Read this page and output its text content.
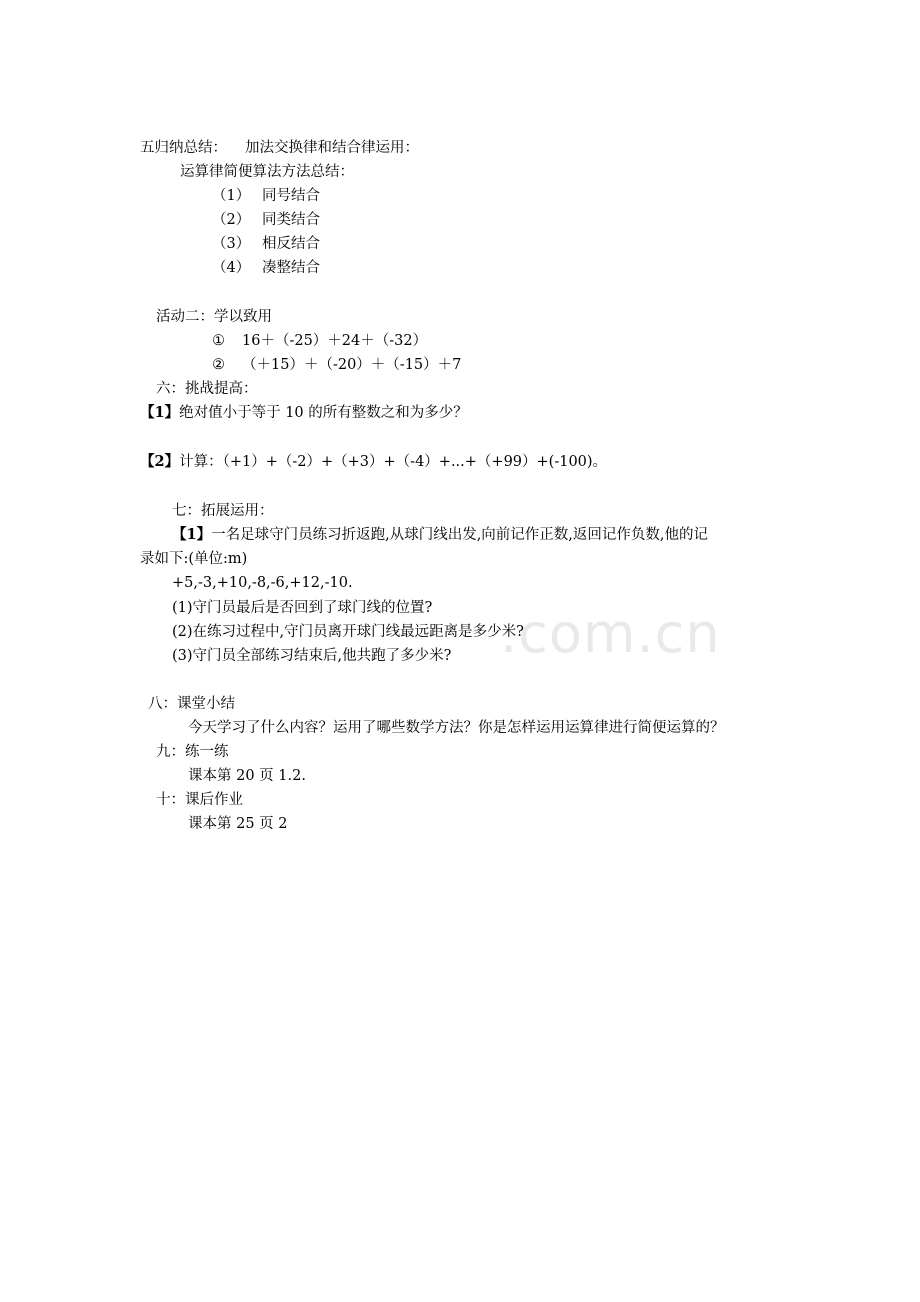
.com.cn
五归纳总结： 加法交换律和结合律运用：
运算律简便算法方法总结：
（1） 同号结合
（2） 同类结合
（3） 相反结合
（4） 凑整结合
活动二：学以致用
① 16＋（-25）＋24＋（-32）
② （＋15）＋（-20）＋（-15）＋7
六：挑战提高：
【1】绝对值小于等于 10 的所有整数之和为多少？
【2】计算：（+1）+（-2）+（+3）+（-4）+...+（+99）+(-100)。
七：拓展运用：
【1】一名足球守门员练习折返跑,从球门线出发,向前记作正数,返回记作负数,他的记
录如下:(单位:m)
+5,-3,+10,-8,-6,+12,-10.
(1)守门员最后是否回到了球门线的位置?
(2)在练习过程中,守门员离开球门线最远距离是多少米?
(3)守门员全部练习结束后,他共跑了多少米?
八：课堂小结
今天学习了什么内容？运用了哪些数学方法？你是怎样运用运算律进行简便运算的？
九：练一练
课本第 20 页 1.2.
十：课后作业
课本第 25 页 2
